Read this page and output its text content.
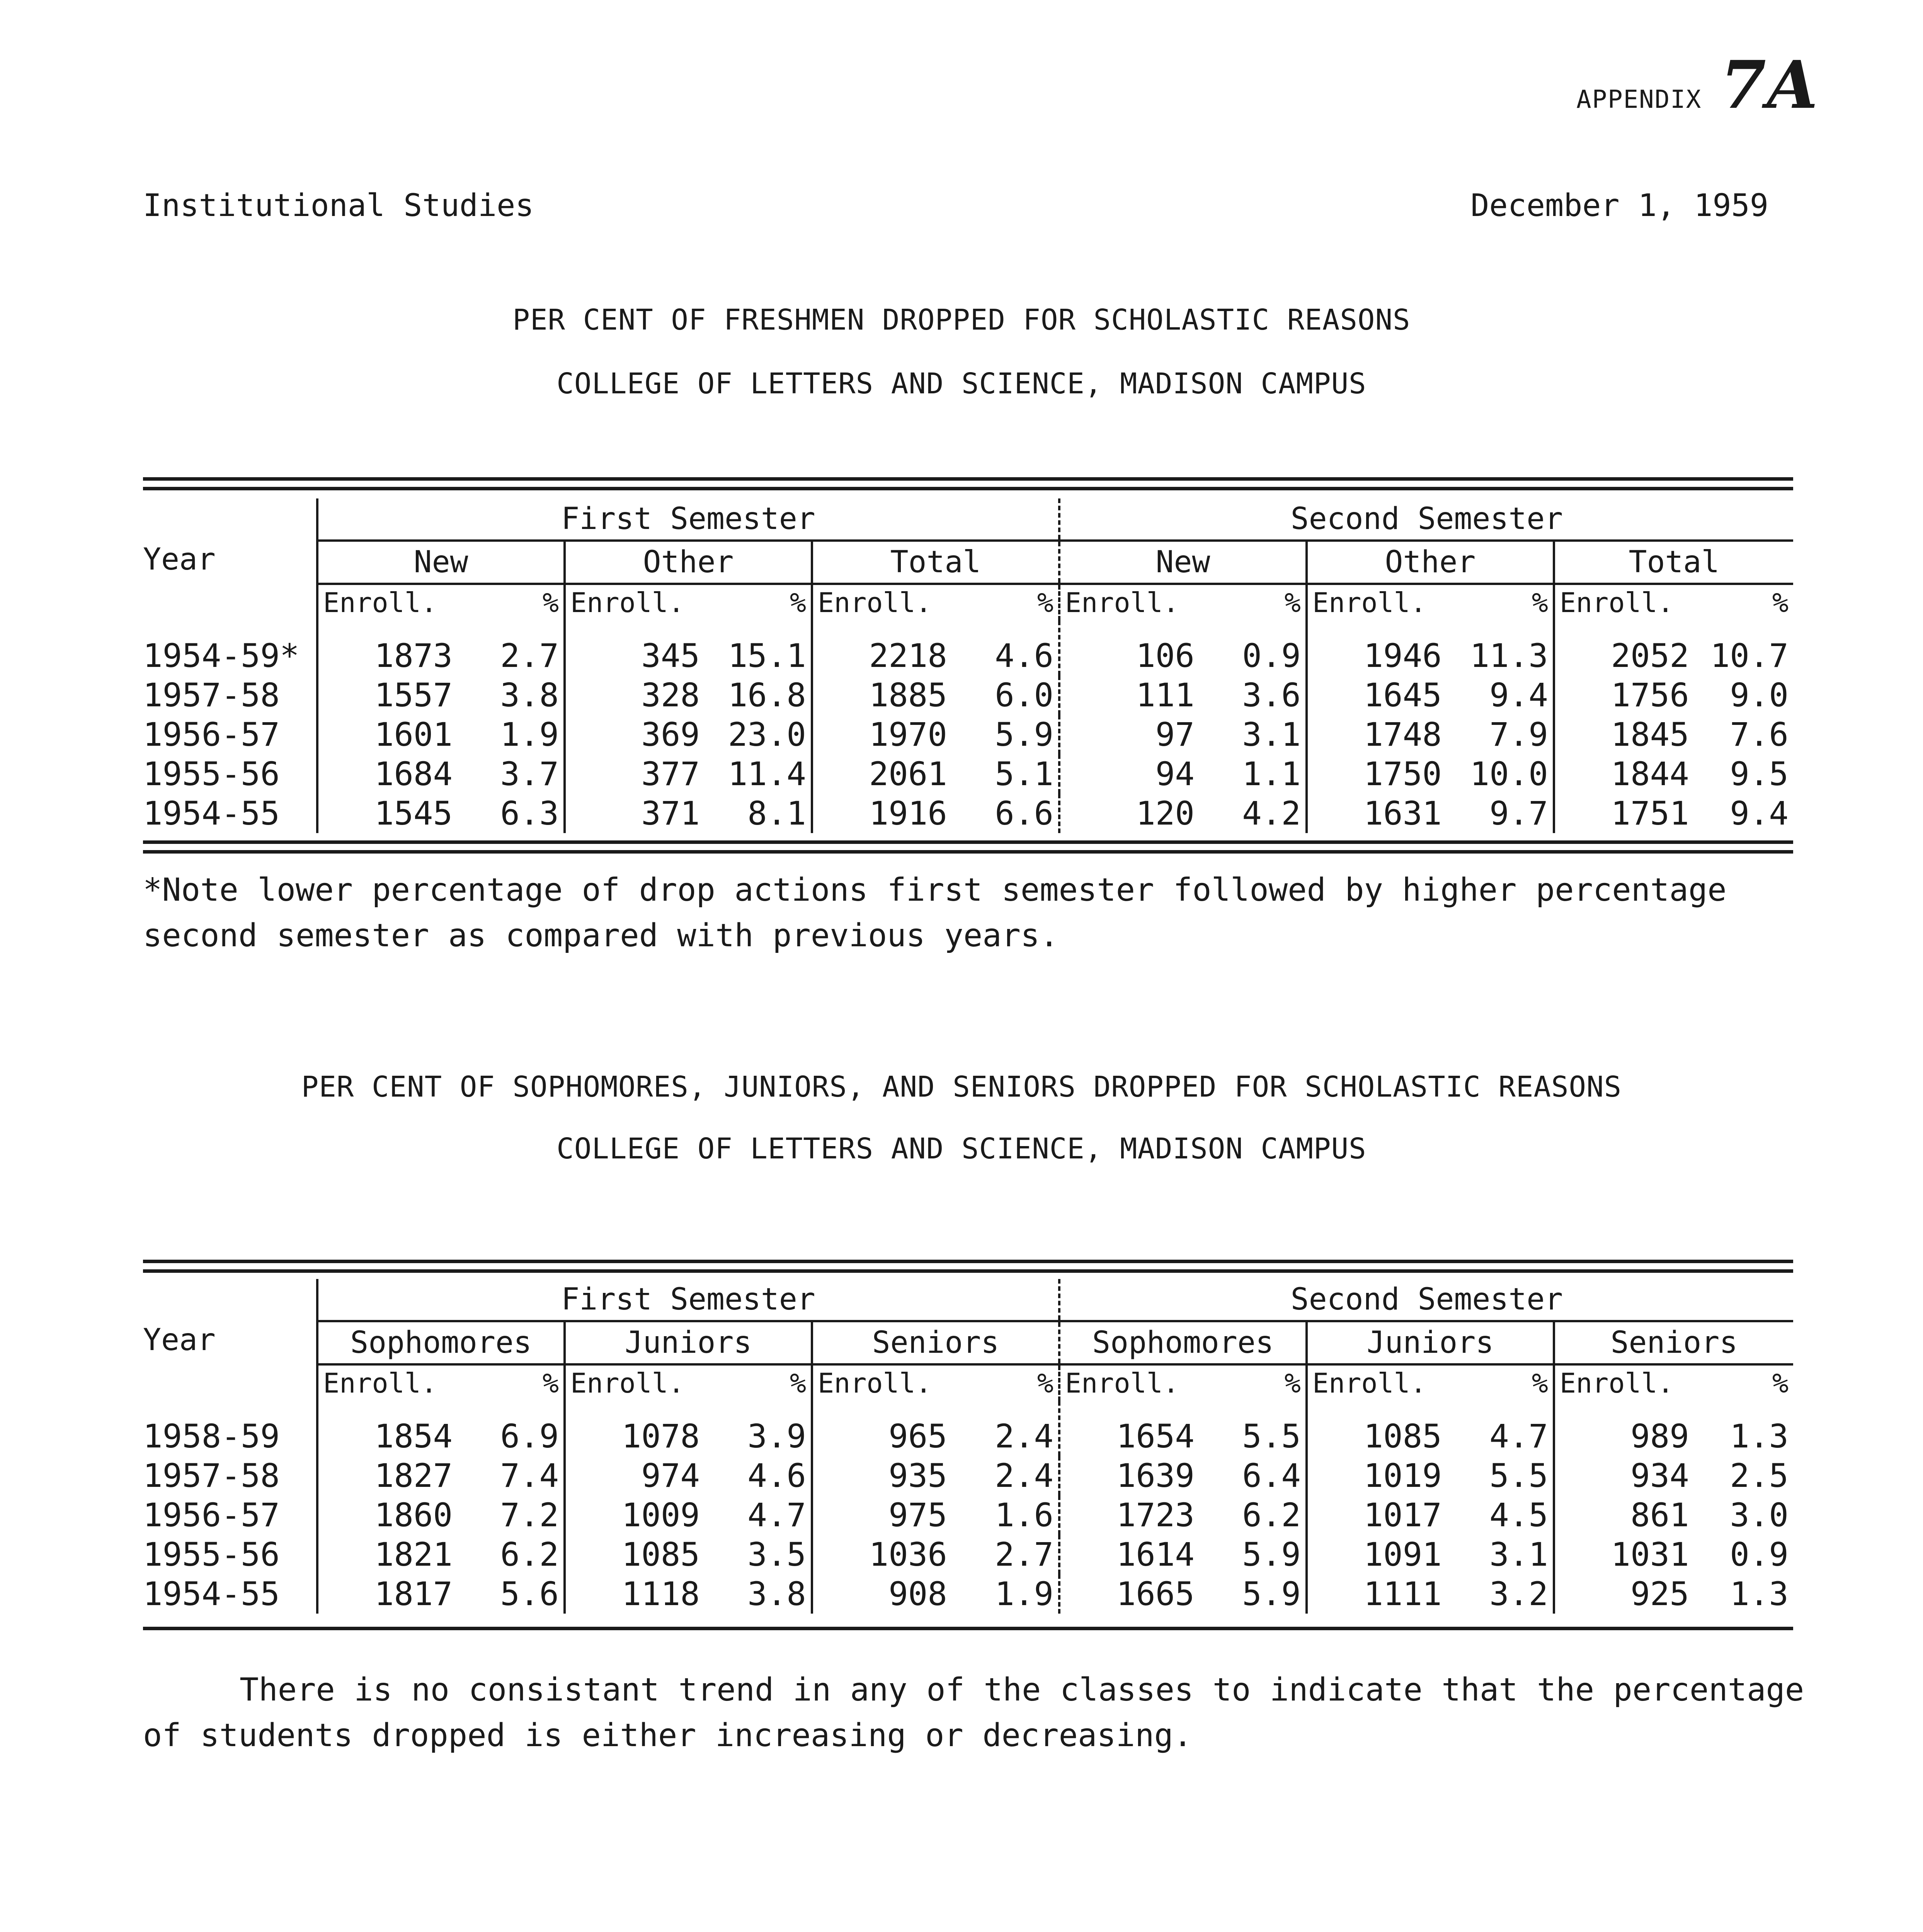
APPENDIX 7A
Institutional Studies	December 1, 1959
PER CENT OF FRESHMEN DROPPED FOR SCHOLASTIC REASONS
COLLEGE OF LETTERS AND SCIENCE, MADISON CAMPUS
Year	First Semester						Second Semester					
	New		Other		Total		New		Other		Total	
	Enroll.	%	Enroll.	%	Enroll.	%	Enroll.	%	Enroll.	%	Enroll.	%
1954-59*	1873	2.7	345	15.1	2218	4.6	106	0.9	1946	11.3	2052	10.7
1957-58	1557	3.8	328	16.8	1885	6.0	111	3.6	1645	9.4	1756	9.0
1956-57	1601	1.9	369	23.0	1970	5.9	97	3.1	1748	7.9	1845	7.6
1955-56	1684	3.7	377	11.4	2061	5.1	94	1.1	1750	10.0	1844	9.5
1954-55	1545	6.3	371	8.1	1916	6.6	120	4.2	1631	9.7	1751	9.4
*Note lower percentage of drop actions first semester followed by higher percentage second semester as compared with previous years.
PER CENT OF SOPHOMORES, JUNIORS, AND SENIORS DROPPED FOR SCHOLASTIC REASONS
COLLEGE OF LETTERS AND SCIENCE, MADISON CAMPUS
Year	First Semester						Second Semester					
	Sophomores		Juniors		Seniors		Sophomores		Juniors		Seniors	
	Enroll.	%	Enroll.	%	Enroll.	%	Enroll.	%	Enroll.	%	Enroll.	%
1958-59	1854	6.9	1078	3.9	965	2.4	1654	5.5	1085	4.7	989	1.3
1957-58	1827	7.4	974	4.6	935	2.4	1639	6.4	1019	5.5	934	2.5
1956-57	1860	7.2	1009	4.7	975	1.6	1723	6.2	1017	4.5	861	3.0
1955-56	1821	6.2	1085	3.5	1036	2.7	1614	5.9	1091	3.1	1031	0.9
1954-55	1817	5.6	1118	3.8	908	1.9	1665	5.9	1111	3.2	925	1.3
There is no consistant trend in any of the classes to indicate that the percentage of students dropped is either increasing or decreasing.
